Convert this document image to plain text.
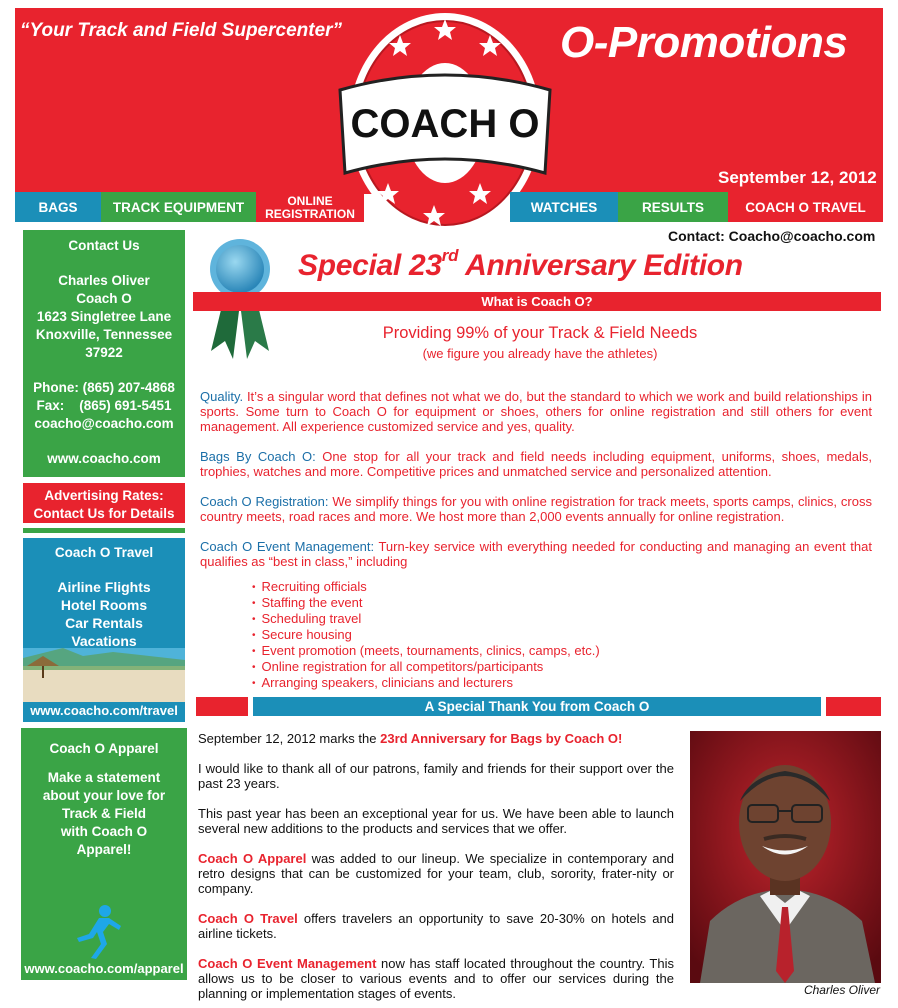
“Your Track and Field Supercenter”	O-Promotions
September 12, 2012
COACH O
BAGS	TRACK EQUIPMENT	ONLINE
REGISTRATION	WATCHES	RESULTS	COACH O TRAVEL
Contact Us
Charles Oliver
Coach O
1623 Singletree Lane
Knoxville, Tennessee
37922
Phone: (865) 207-4868
Fax:    (865) 691-5451
coacho@coacho.com
www.coacho.com
Advertising Rates:
Contact Us for Details
Coach O Travel
Airline Flights
Hotel Rooms
Car Rentals
Vacations
www.coacho.com/travel
Coach O Apparel
Make a statement
about your love for
Track & Field
with Coach O
Apparel!
www.coacho.com/apparel
Contact: Coacho@coacho.com
Special 23rd Anniversary Edition
What is Coach O?
Providing 99% of your Track & Field Needs
(we figure you already have the athletes)

Quality. It’s a singular word that defines not what we do, but the standard to which we work and build relationships in sports. Some turn to Coach O for equipment or shoes, others for online registration and still others for event management. All experience customized service and yes, quality.

Bags By Coach O: One stop for all your track and field needs including equipment, uniforms, shoes, medals, trophies, watches and more. Competitive prices and unmatched service and personalized attention.

Coach O Registration: We simplify things for you with online registration for track meets, sports camps, clinics, cross country meets, road races and more. We host more than 2,000 events annually for online registration.

Coach O Event Management: Turn-key service with everything needed for conducting and managing an event that qualifies as “best in class,” including

• Recruiting officials
• Staffing the event
• Scheduling travel
• Secure housing
• Event promotion (meets, tournaments, clinics, camps, etc.)
• Online registration for all competitors/participants
• Arranging speakers, clinicians and lecturers
A Special Thank You from Coach O

September 12, 2012 marks the 23rd Anniversary for Bags by Coach O!

I would like to thank all of our patrons, family and friends for their support over the past 23 years.

This past year has been an exceptional year for us. We have been able to launch several new additions to the products and services that we offer.

Coach O Apparel was added to our lineup. We specialize in contemporary and retro designs that can be customized for your team, club, sorority, frater-nity or company.

Coach O Travel offers travelers an opportunity to save 20-30% on hotels and airline tickets.

Coach O Event Management now has staff located throughout the country. This allows us to be closer to various events and to offer our services during the planning or implementation stages of events.	Charles Oliver
